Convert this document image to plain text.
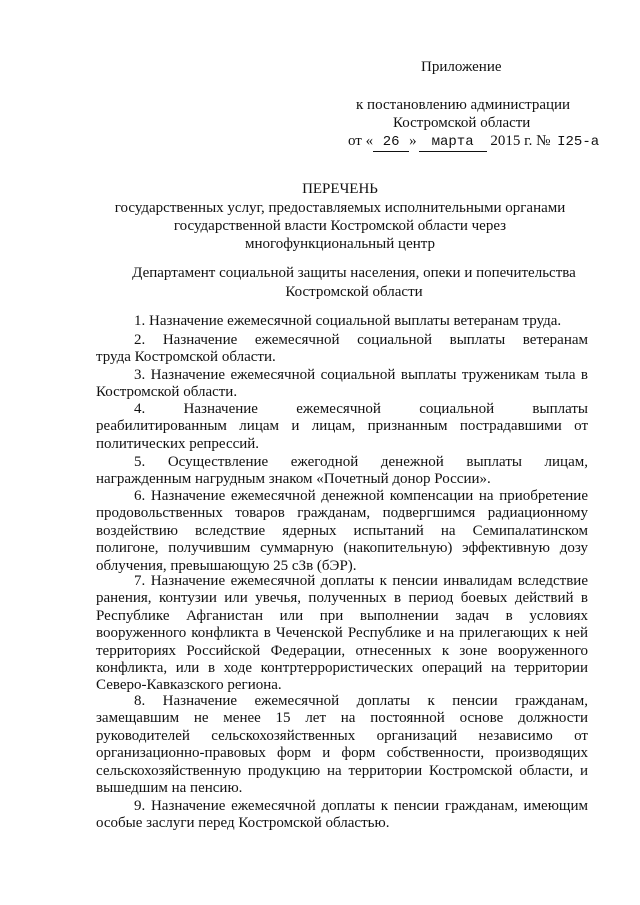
Приложение
к постановлению администрации
Костромской области
от « 26 » марта 2015 г. № I25-а
ПЕРЕЧЕНЬ
государственных услуг, предоставляемых исполнительными органами
государственной власти Костромской области через
многофункциональный центр
Департамент социальной защиты населения, опеки и попечительства
Костромской области
1. Назначение ежемесячной социальной выплаты ветеранам труда.
2. Назначение ежемесячной социальной выплаты ветеранам
труда Костромской области.
3. Назначение ежемесячной социальной выплаты труженикам тыла в
Костромской области.
4. Назначение ежемесячной социальной выплаты
реабилитированным лицам и лицам, признанным пострадавшими от
политических репрессий.
5. Осуществление ежегодной денежной выплаты лицам,
награжденным нагрудным знаком «Почетный донор России».
6. Назначение ежемесячной денежной компенсации на приобретение
продовольственных товаров гражданам, подвергшимся радиационному
воздействию вследствие ядерных испытаний на Семипалатинском
полигоне, получившим суммарную (накопительную) эффективную дозу
облучения, превышающую 25 сЗв (бЭР).
7. Назначение ежемесячной доплаты к пенсии инвалидам вследствие
ранения, контузии или увечья, полученных в период боевых действий в
Республике Афганистан или при выполнении задач в условиях
вооруженного конфликта в Чеченской Республике и на прилегающих к ней
территориях Российской Федерации, отнесенных к зоне вооруженного
конфликта, или в ходе контртеррористических операций на территории
Северо-Кавказского региона.
8. Назначение ежемесячной доплаты к пенсии гражданам,
замещавшим не менее 15 лет на постоянной основе должности
руководителей сельскохозяйственных организаций независимо от
организационно-правовых форм и форм собственности, производящих
сельскохозяйственную продукцию на территории Костромской области, и
вышедшим на пенсию.
9. Назначение ежемесячной доплаты к пенсии гражданам, имеющим
особые заслуги перед Костромской областью.
